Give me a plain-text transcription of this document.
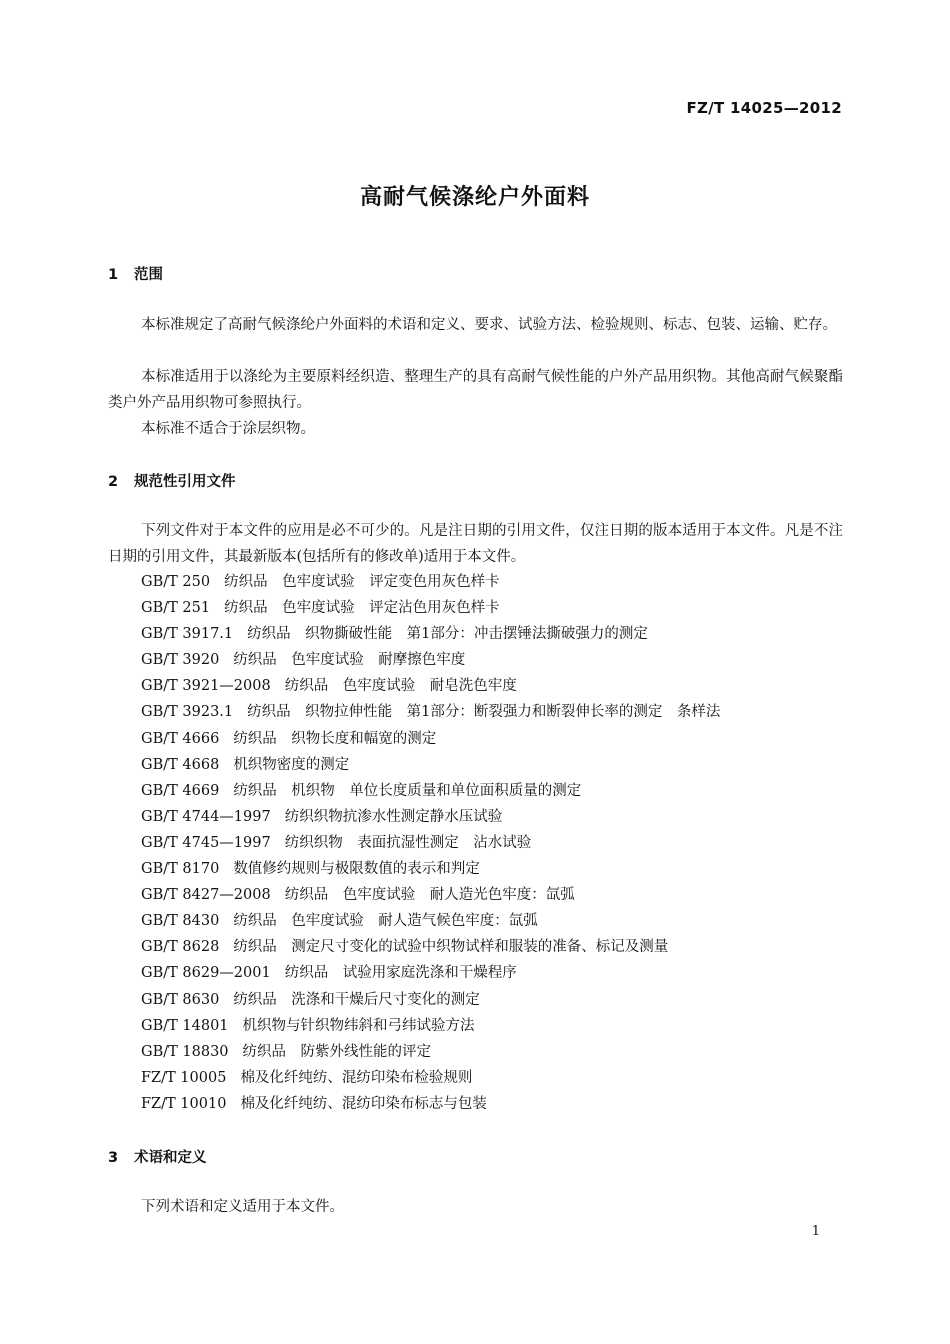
FZ/T 14025—2012
高耐气候涤纶户外面料
1 范围
本标准规定了高耐气候涤纶户外面料的术语和定义、要求、试验方法、检验规则、标志、包装、运输、贮存。
本标准适用于以涤纶为主要原料经织造、整理生产的具有高耐气候性能的户外产品用织物。其他高耐气候聚酯类户外产品用织物可参照执行。
本标准不适合于涂层织物。
2 规范性引用文件
下列文件对于本文件的应用是必不可少的。凡是注日期的引用文件，仅注日期的版本适用于本文件。凡是不注日期的引用文件，其最新版本(包括所有的修改单)适用于本文件。
GB/T 250 纺织品　色牢度试验　评定变色用灰色样卡
GB/T 251 纺织品　色牢度试验　评定沾色用灰色样卡
GB/T 3917.1 纺织品　织物撕破性能　第1部分：冲击摆锤法撕破强力的测定
GB/T 3920 纺织品　色牢度试验　耐摩擦色牢度
GB/T 3921—2008 纺织品　色牢度试验　耐皂洗色牢度
GB/T 3923.1 纺织品　织物拉伸性能　第1部分：断裂强力和断裂伸长率的测定　条样法
GB/T 4666 纺织品　织物长度和幅宽的测定
GB/T 4668 机织物密度的测定
GB/T 4669 纺织品　机织物　单位长度质量和单位面积质量的测定
GB/T 4744—1997 纺织织物抗渗水性测定静水压试验
GB/T 4745—1997 纺织织物　表面抗湿性测定　沾水试验
GB/T 8170 数值修约规则与极限数值的表示和判定
GB/T 8427—2008 纺织品　色牢度试验　耐人造光色牢度：氙弧
GB/T 8430 纺织品　色牢度试验　耐人造气候色牢度：氙弧
GB/T 8628 纺织品　测定尺寸变化的试验中织物试样和服装的准备、标记及测量
GB/T 8629—2001 纺织品　试验用家庭洗涤和干燥程序
GB/T 8630 纺织品　洗涤和干燥后尺寸变化的测定
GB/T 14801 机织物与针织物纬斜和弓纬试验方法
GB/T 18830 纺织品　防紫外线性能的评定
FZ/T 10005 棉及化纤纯纺、混纺印染布检验规则
FZ/T 10010 棉及化纤纯纺、混纺印染布标志与包装
3 术语和定义
下列术语和定义适用于本文件。
1
